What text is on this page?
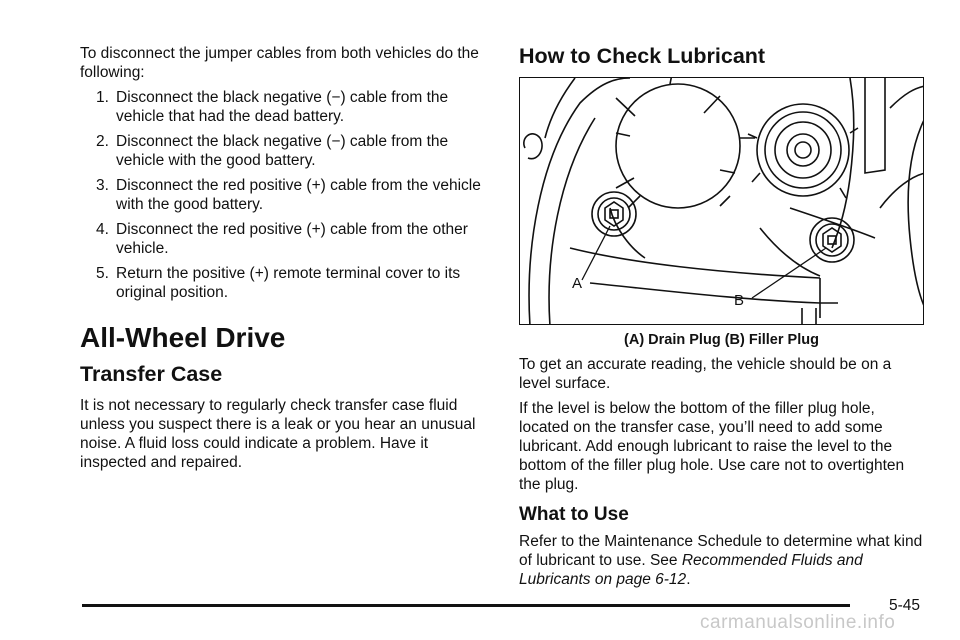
To disconnect the jumper cables from both vehicles do the following:

1. Disconnect the black negative (−) cable from the vehicle that had the dead battery.
2. Disconnect the black negative (−) cable from the vehicle with the good battery.
3. Disconnect the red positive (+) cable from the vehicle with the good battery.
4. Disconnect the red positive (+) cable from the other vehicle.
5. Return the positive (+) remote terminal cover to its original position.
All-Wheel Drive
Transfer Case

It is not necessary to regularly check transfer case fluid unless you suspect there is a leak or you hear an unusual noise. A fluid loss could indicate a problem. Have it inspected and repaired.

How to Check Lubricant
A
B
(A) Drain Plug (B) Filler Plug

To get an accurate reading, the vehicle should be on a level surface.

If the level is below the bottom of the filler plug hole, located on the transfer case, you’ll need to add some lubricant. Add enough lubricant to raise the level to the bottom of the filler plug hole. Use care not to overtighten the plug.

What to Use

Refer to the Maintenance Schedule to determine what kind of lubricant to use. See Recommended Fluids and Lubricants on page 6-12.

5-45
carmanualsonline.info
